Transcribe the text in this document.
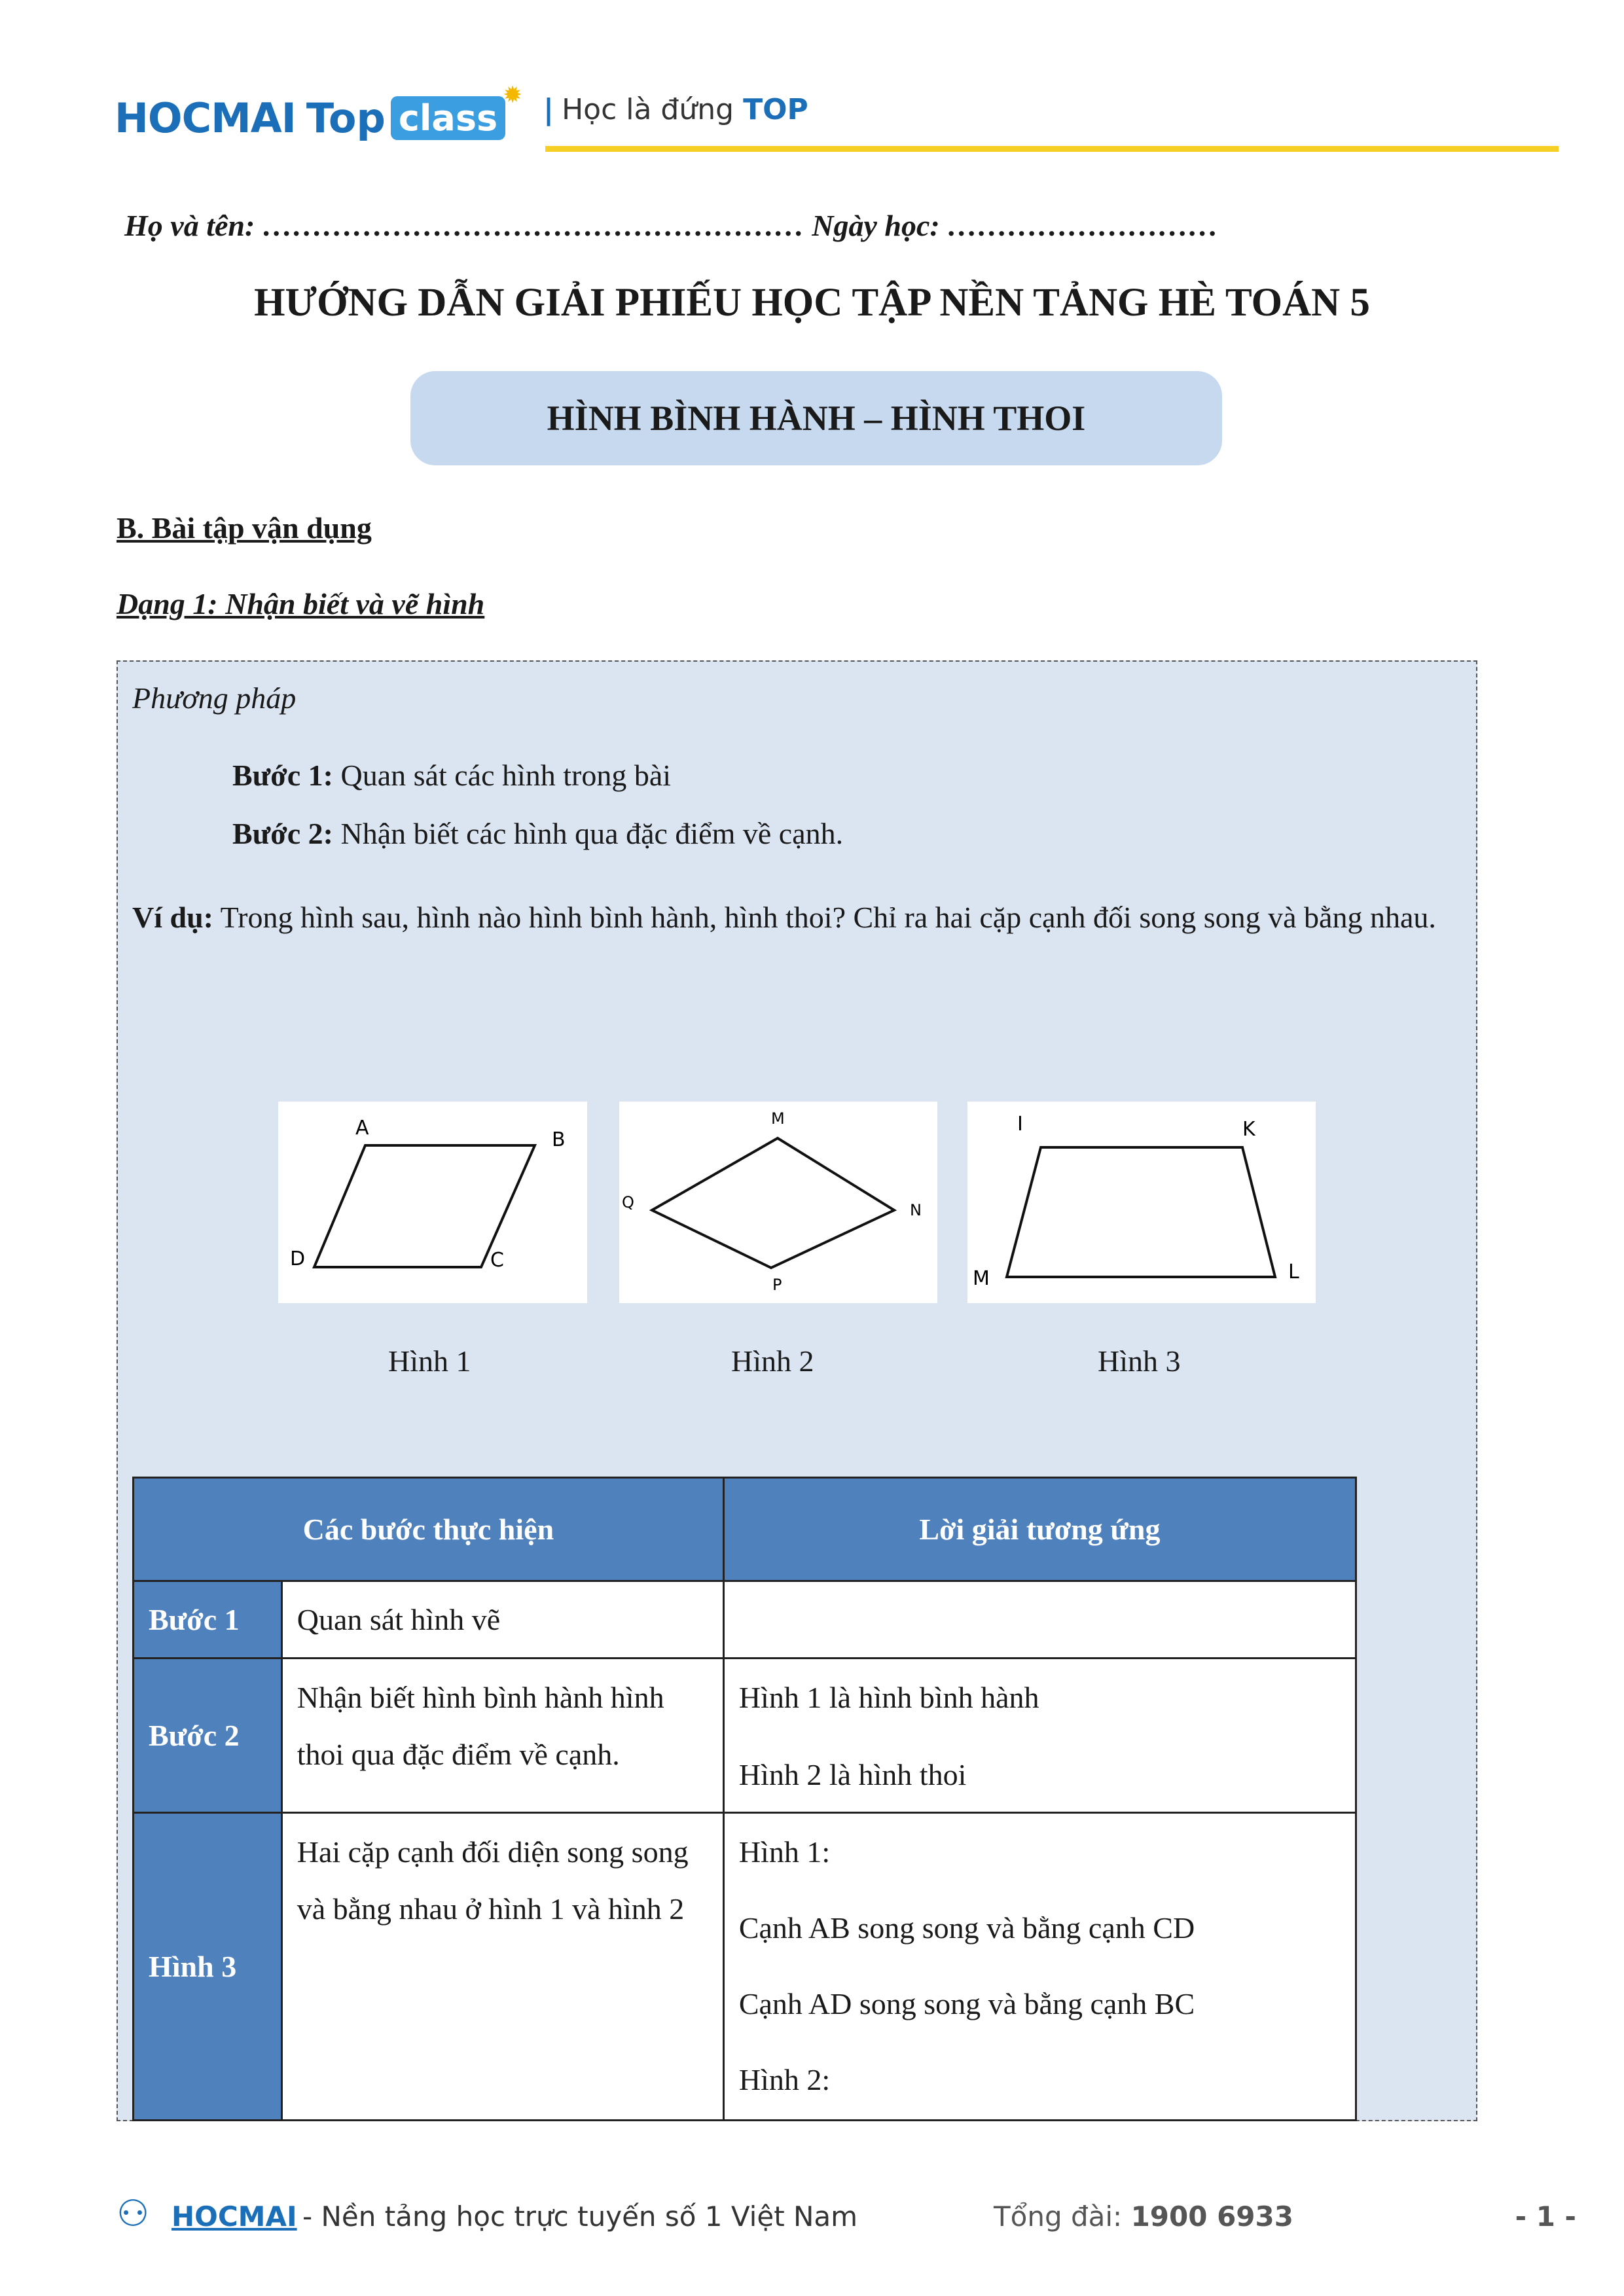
HOCMAI Top class
✹ | Học là đứng TOP
Họ và tên: ……………………………………………… Ngày học: ………………………
HƯỚNG DẪN GIẢI PHIẾU HỌC TẬP NỀN TẢNG HÈ TOÁN 5
HÌNH BÌNH HÀNH – HÌNH THOI
B. Bài tập vận dụng
Dạng 1: Nhận biết và vẽ hình
Phương pháp
Bước 1: Quan sát các hình trong bài
Bước 2: Nhận biết các hình qua đặc điểm về cạnh.
Ví dụ: Trong hình sau, hình nào hình bình hành, hình thoi? Chỉ ra hai cặp cạnh đối song song và bằng nhau.
A
B
C
D
M
N
P
Q
I	K
L
M
Hình 1	Hình 2	Hình 3
Các bước thực hiện		Lời giải tương ứng
Bước 1	Quan sát hình vẽ	
Bước 2	Nhận biết hình bình hành hình thoi qua đặc điểm về cạnh.	Hình 1 là hình bình hành
Hình 2 là hình thoi

Hình 3	Hai cặp cạnh đối diện song song và bằng nhau ở hình 1 và hình 2	Hình 1:
Cạnh AB song song và bằng cạnh CD
Cạnh AD song song và bằng cạnh BC
Hình 2:
⚇ HOCMAI - Nền tảng học trực tuyến số 1 Việt Nam	Tổng đài: 1900 6933	- 1 -
